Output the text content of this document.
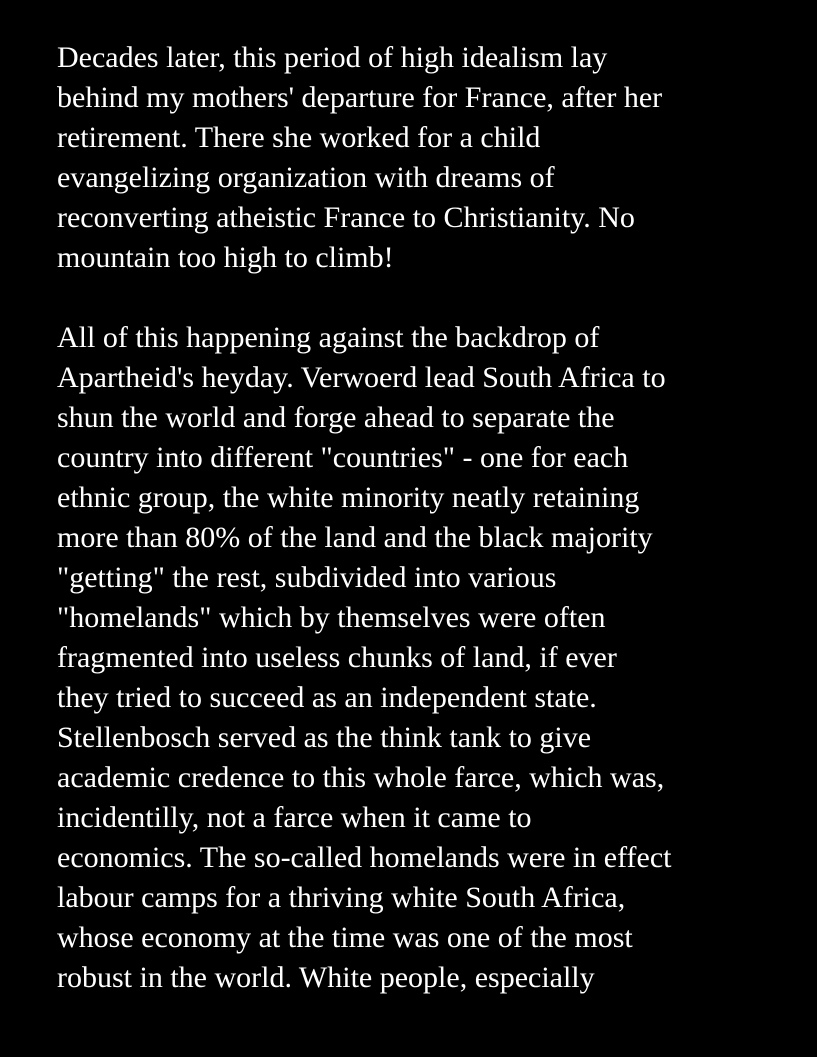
Decades later, this period of high idealism lay
behind my mothers' departure for France, after her
retirement. There she worked for a child
evangelizing organization with dreams of
reconverting atheistic France to Christianity. No
mountain too high to climb!
All of this happening against the backdrop of
Apartheid's heyday. Verwoerd lead South Africa to
shun the world and forge ahead to separate the
country into different "countries" - one for each
ethnic group, the white minority neatly retaining
more than 80% of the land and the black majority
"getting" the rest, subdivided into various
"homelands" which by themselves were often
fragmented into useless chunks of land, if ever
they tried to succeed as an independent state.
Stellenbosch served as the think tank to give
academic credence to this whole farce, which was,
incidentilly, not a farce when it came to
economics. The so-called homelands were in effect
labour camps for a thriving white South Africa,
whose economy at the time was one of the most
robust in the world. White people, especially
